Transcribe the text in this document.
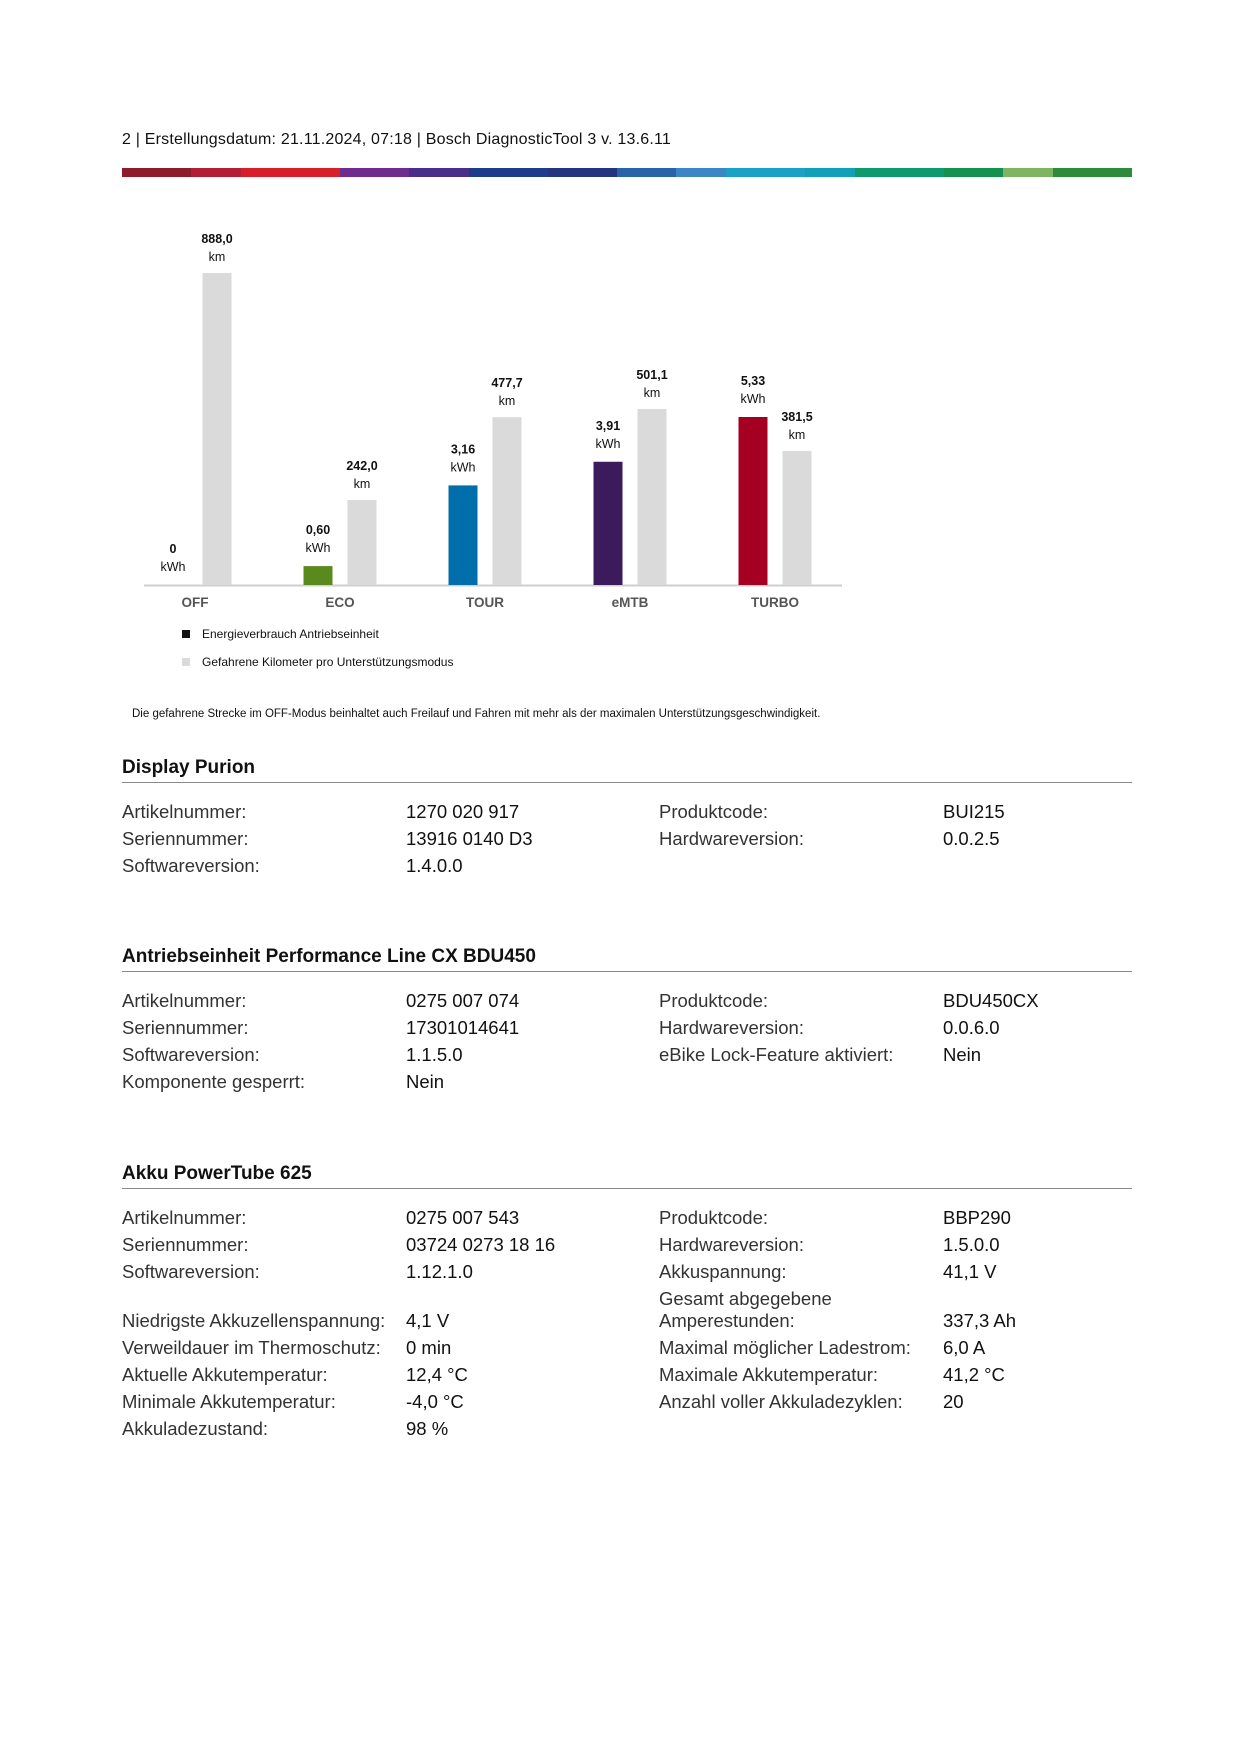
2 | Erstellungsdatum: 21.11.2024, 07:18 | Bosch DiagnosticTool 3 v. 13.6.11
0
kWh
888,0
km
OFF
0,60
kWh
242,0
km
ECO
3,16
kWh
477,7
km
TOUR
3,91
kWh
501,1
km
eMTB
5,33
kWh
381,5
km
TURBO
Energieverbrauch Antriebseinheit
Gefahrene Kilometer pro Unterstützungsmodus
Die gefahrene Strecke im OFF-Modus beinhaltet auch Freilauf und Fahren mit mehr als der maximalen Unterstützungsgeschwindigkeit.
Display Purion
Artikelnummer:	1270 020 917	Produktcode:	BUI215
Seriennummer:	13916 0140 D3	Hardwareversion:	0.0.2.5
Softwareversion:	1.4.0.0
Antriebseinheit Performance Line CX BDU450
Artikelnummer:	0275 007 074	Produktcode:	BDU450CX
Seriennummer:	17301014641	Hardwareversion:	0.0.6.0
Softwareversion:	1.1.5.0	eBike Lock-Feature aktiviert:	Nein
Komponente gesperrt:	Nein
Akku PowerTube 625
Artikelnummer:	0275 007 543	Produktcode:	BBP290
Seriennummer:	03724 0273 18 16	Hardwareversion:	1.5.0.0
Softwareversion:	1.12.1.0	Akkuspannung:	41,1 V
Niedrigste Akkuzellenspannung: 4,1 V
Gesamt abgegebene Amperestunden:	337,3 Ah
Verweildauer im Thermoschutz: 0 min	Maximal möglicher Ladestrom: 6,0 A
Aktuelle Akkutemperatur:	12,4 °C	Maximale Akkutemperatur:	41,2 °C
Minimale Akkutemperatur:	-4,0 °C	Anzahl voller Akkuladezyklen: 20
Akkuladezustand:	98 %
